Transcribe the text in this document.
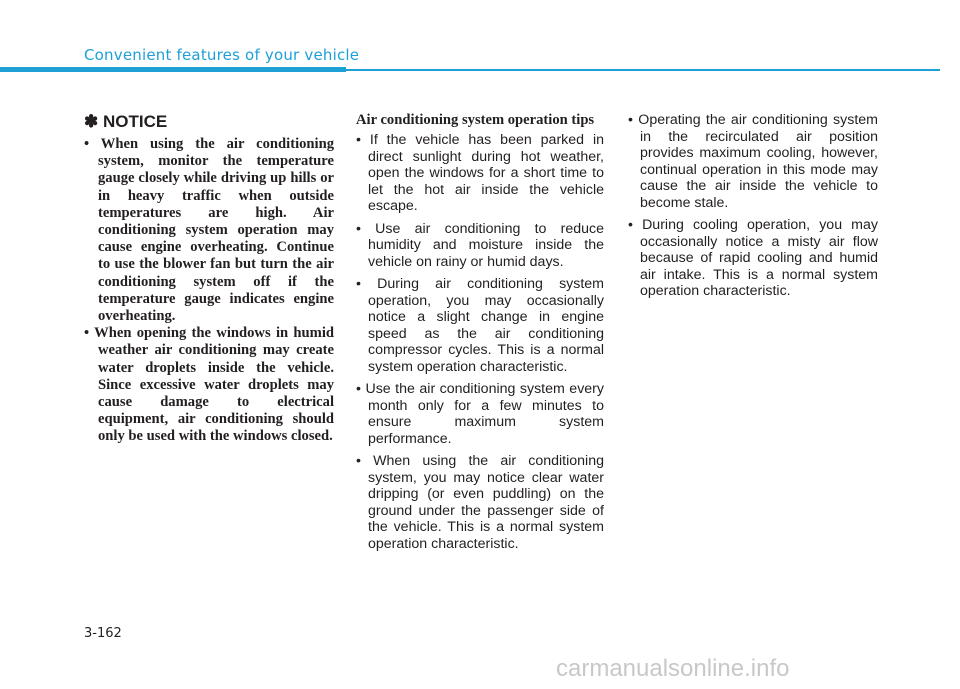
Convenient features of your vehicle
✽ NOTICE
• When using the air conditioning system, monitor the temperature gauge closely while driving up hills or in heavy traffic when outside temperatures are high. Air conditioning system operation may cause engine overheating. Continue to use the blower fan but turn the air conditioning system off if the temperature gauge indicates engine overheating.
• When opening the windows in humid weather air conditioning may create water droplets inside the vehicle. Since excessive water droplets may cause damage to electrical equipment, air conditioning should only be used with the windows closed.
Air conditioning system operation tips
• If the vehicle has been parked in direct sunlight during hot weather, open the windows for a short time to let the hot air inside the vehicle escape.
• Use air conditioning to reduce humidity and moisture inside the vehicle on rainy or humid days.
• During air conditioning system operation, you may occasionally notice a slight change in engine speed as the air conditioning compressor cycles. This is a normal system operation characteristic.
• Use the air conditioning system every month only for a few minutes to ensure maximum system performance.
• When using the air conditioning system, you may notice clear water dripping (or even puddling) on the ground under the passenger side of the vehicle. This is a normal system operation characteristic.
• Operating the air conditioning system in the recirculated air position provides maximum cooling, however, continual operation in this mode may cause the air inside the vehicle to become stale.
• During cooling operation, you may occasionally notice a misty air flow because of rapid cooling and humid air intake. This is a normal system operation characteristic.
3-162
carmanualsonline.info
